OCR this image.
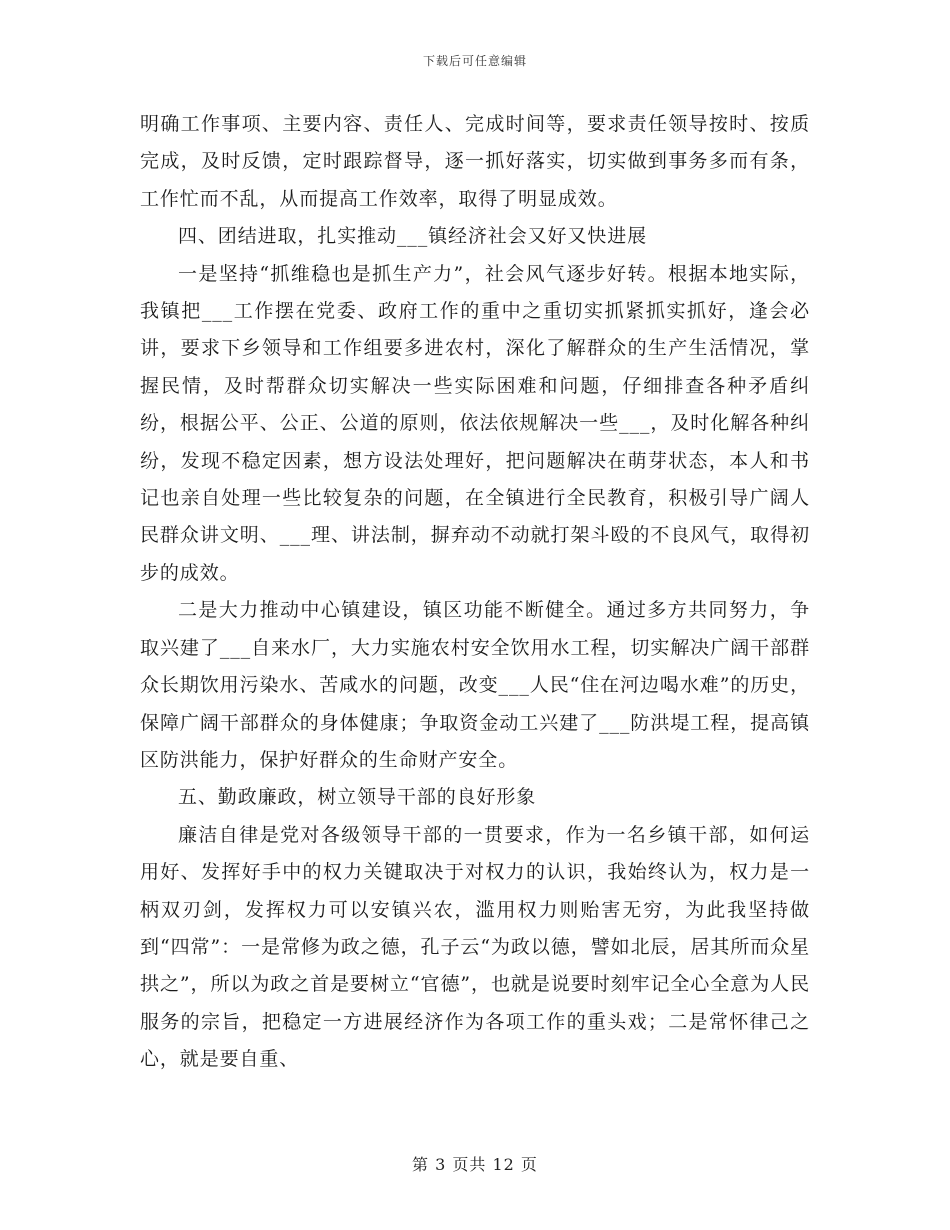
下载后可任意编辑

明确工作事项、主要内容、责任人、完成时间等，要求责任领导按时、按质完成，及时反馈，定时跟踪督导，逐一抓好落实，切实做到事务多而有条，工作忙而不乱，从而提高工作效率，取得了明显成效。

四、团结进取，扎实推动___镇经济社会又好又快进展

一是坚持“抓维稳也是抓生产力”，社会风气逐步好转。根据本地实际，我镇把___工作摆在党委、政府工作的重中之重切实抓紧抓实抓好，逢会必讲，要求下乡领导和工作组要多进农村，深化了解群众的生产生活情况，掌握民情，及时帮群众切实解决一些实际困难和问题，仔细排查各种矛盾纠纷，根据公平、公正、公道的原则，依法依规解决一些___，及时化解各种纠纷，发现不稳定因素，想方设法处理好，把问题解决在萌芽状态，本人和书记也亲自处理一些比较复杂的问题，在全镇进行全民教育，积极引导广阔人民群众讲文明、___理、讲法制，摒弃动不动就打架斗殴的不良风气，取得初步的成效。

二是大力推动中心镇建设，镇区功能不断健全。通过多方共同努力，争取兴建了___自来水厂，大力实施农村安全饮用水工程，切实解决广阔干部群众长期饮用污染水、苦咸水的问题，改变___人民“住在河边喝水难”的历史，保障广阔干部群众的身体健康；争取资金动工兴建了___防洪堤工程，提高镇区防洪能力，保护好群众的生命财产安全。

五、勤政廉政，树立领导干部的良好形象

廉洁自律是党对各级领导干部的一贯要求，作为一名乡镇干部，如何运用好、发挥好手中的权力关键取决于对权力的认识，我始终认为，权力是一柄双刃剑，发挥权力可以安镇兴农，滥用权力则贻害无穷，为此我坚持做到“四常”：一是常修为政之德，孔子云“为政以德，譬如北辰，居其所而众星拱之”，所以为政之首是要树立“官德”，也就是说要时刻牢记全心全意为人民服务的宗旨，把稳定一方进展经济作为各项工作的重头戏；二是常怀律己之心，就是要自重、

第 3 页共 12 页
